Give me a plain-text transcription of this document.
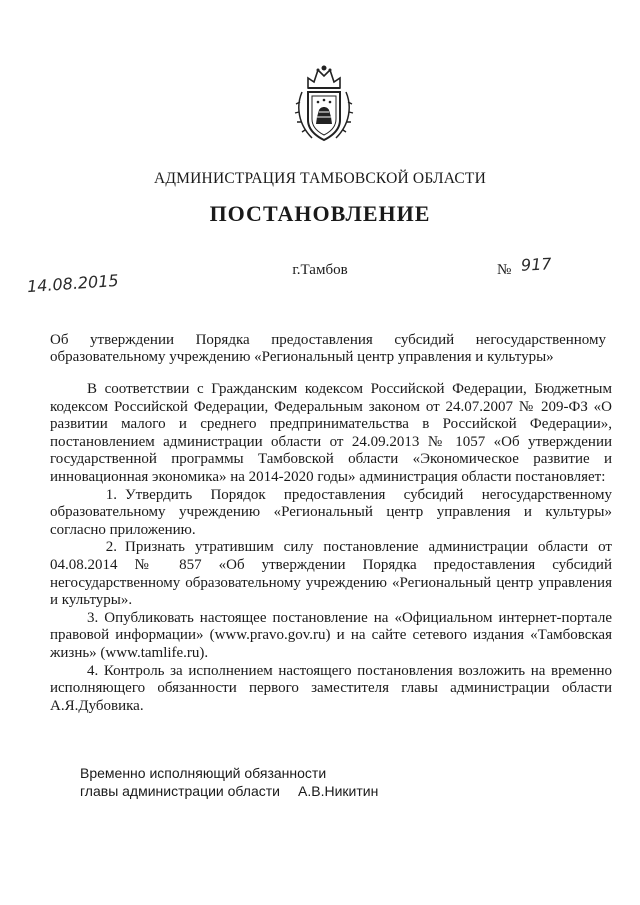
АДМИНИСТРАЦИЯ ТАМБОВСКОЙ ОБЛАСТИ
ПОСТАНОВЛЕНИЕ
14.08.2015
г.Тамбов	№ 917
Об утверждении Порядка предоставления субсидий негосударственному образовательному учреждению «Региональный центр управления и культуры»

В соответствии с Гражданским кодексом Российской Федерации, Бюджетным кодексом Российской Федерации, Федеральным законом от 24.07.2007 № 209-ФЗ «О развитии малого и среднего предпринимательства в Российской Федерации», постановлением администрации области от 24.09.2013 № 1057 «Об утверждении государственной программы Тамбовской области «Экономическое развитие и инновационная экономика» на 2014-2020 годы» администрация области постановляет:

1. Утвердить Порядок предоставления субсидий негосударственному образовательному учреждению «Региональный центр управления и культуры» согласно приложению.

2. Признать утратившим силу постановление администрации области от 04.08.2014 № 857 «Об утверждении Порядка предоставления субсидий негосударственному образовательному учреждению «Региональный центр управления и культуры».

3. Опубликовать настоящее постановление на «Официальном интернет-портале правовой информации» (www.pravo.gov.ru) и на сайте сетевого издания «Тамбовская жизнь» (www.tamlife.ru).

4. Контроль за исполнением настоящего постановления возложить на временно исполняющего обязанности первого заместителя главы администрации области А.Я.Дубовика.

Временно исполняющий обязанности
главы администрации области А.В.Никитин
